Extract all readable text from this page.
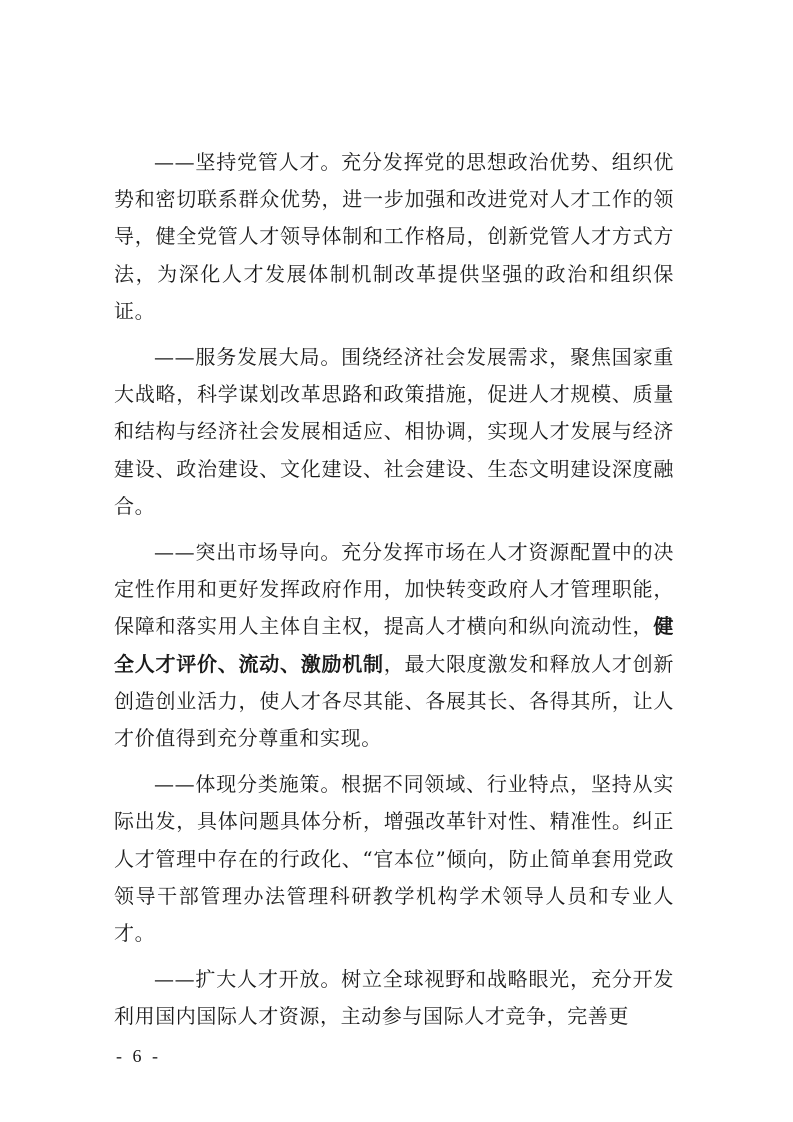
——坚持党管人才。充分发挥党的思想政治优势、组织优势和密切联系群众优势，进一步加强和改进党对人才工作的领导，健全党管人才领导体制和工作格局，创新党管人才方式方法，为深化人才发展体制机制改革提供坚强的政治和组织保证。

——服务发展大局。围绕经济社会发展需求，聚焦国家重大战略，科学谋划改革思路和政策措施，促进人才规模、质量和结构与经济社会发展相适应、相协调，实现人才发展与经济建设、政治建设、文化建设、社会建设、生态文明建设深度融合。

——突出市场导向。充分发挥市场在人才资源配置中的决定性作用和更好发挥政府作用，加快转变政府人才管理职能，保障和落实用人主体自主权，提高人才横向和纵向流动性，健全人才评价、流动、激励机制，最大限度激发和释放人才创新创造创业活力，使人才各尽其能、各展其长、各得其所，让人才价值得到充分尊重和实现。

——体现分类施策。根据不同领域、行业特点，坚持从实际出发，具体问题具体分析，增强改革针对性、精准性。纠正人才管理中存在的行政化、“官本位”倾向，防止简单套用党政领导干部管理办法管理科研教学机构学术领导人员和专业人才。

——扩大人才开放。树立全球视野和战略眼光，充分开发利用国内国际人才资源，主动参与国际人才竞争，完善更

- 6 -
